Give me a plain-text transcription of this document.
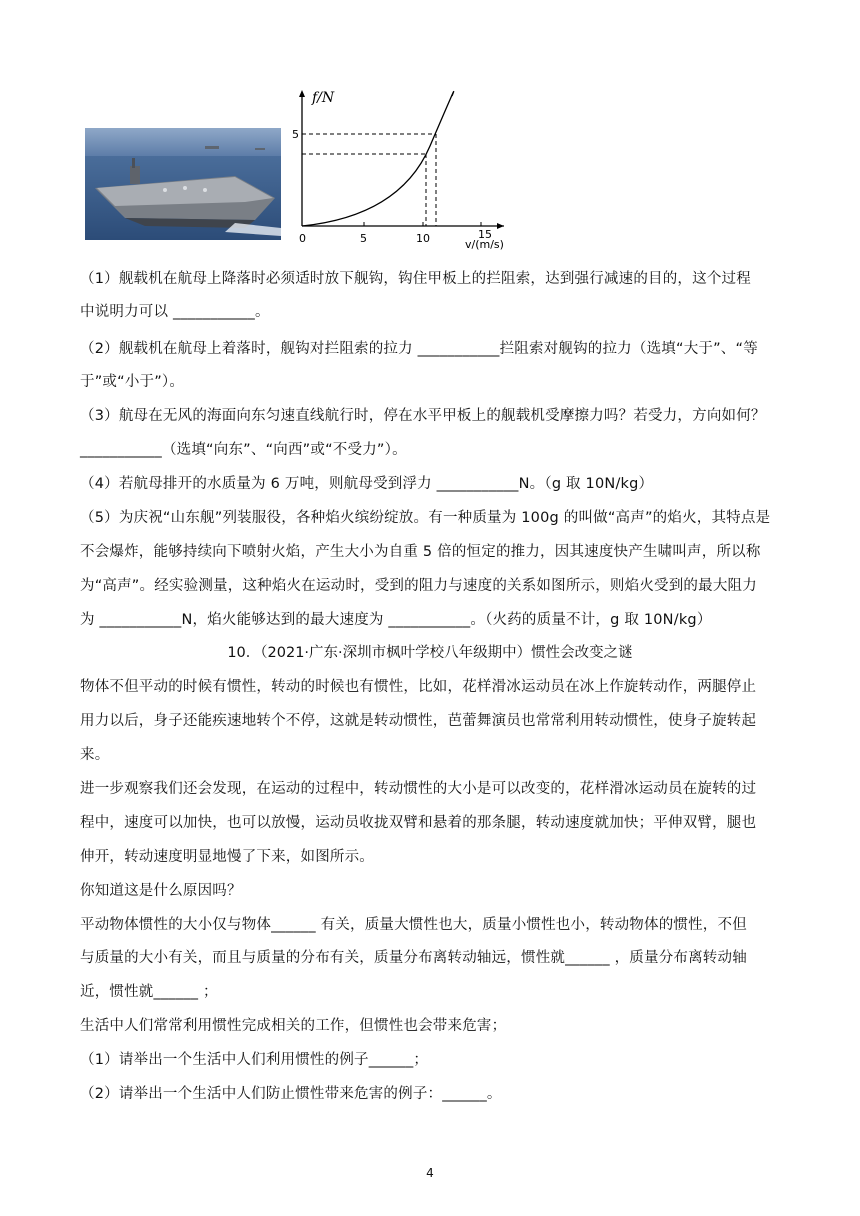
f/N
5
0	5	10	15
v/(m/s)
（1）舰载机在航母上降落时必须适时放下舰钩，钩住甲板上的拦阻索，达到强行减速的目的，这个过程
中说明力可以 ___________。
（2）舰载机在航母上着落时，舰钩对拦阻索的拉力 ___________拦阻索对舰钩的拉力（选填“大于”、“等
于”或“小于”）。
（3）航母在无风的海面向东匀速直线航行时，停在水平甲板上的舰载机受摩擦力吗？若受力，方向如何？
___________（选填“向东”、“向西”或“不受力”）。
（4）若航母排开的水质量为 6 万吨，则航母受到浮力 ___________N。（g 取 10N/kg）
（5）为庆祝“山东舰”列装服役，各种焰火缤纷绽放。有一种质量为 100g 的叫做“高声”的焰火，其特点是
不会爆炸，能够持续向下喷射火焰，产生大小为自重 5 倍的恒定的推力，因其速度快产生啸叫声，所以称
为“高声”。经实验测量，这种焰火在运动时，受到的阻力与速度的关系如图所示，则焰火受到的最大阻力
为 ___________N，焰火能够达到的最大速度为 ___________。（火药的质量不计，g 取 10N/kg）
10．（2021·广东·深圳市枫叶学校八年级期中）惯性会改变之谜
物体不但平动的时候有惯性，转动的时候也有惯性，比如，花样滑冰运动员在冰上作旋转动作，两腿停止
用力以后，身子还能疾速地转个不停，这就是转动惯性，芭蕾舞演员也常常利用转动惯性，使身子旋转起
来。
进一步观察我们还会发现，在运动的过程中，转动惯性的大小是可以改变的，花样滑冰运动员在旋转的过
程中，速度可以加快，也可以放慢，运动员收拢双臂和悬着的那条腿，转动速度就加快；平伸双臂，腿也
伸开，转动速度明显地慢了下来，如图所示。
你知道这是什么原因吗？
平动物体惯性的大小仅与物体______ 有关，质量大惯性也大，质量小惯性也小，转动物体的惯性，不但
与质量的大小有关，而且与质量的分布有关，质量分布离转动轴远，惯性就______ ，质量分布离转动轴
近，惯性就______ ；
生活中人们常常利用惯性完成相关的工作，但惯性也会带来危害；
（1）请举出一个生活中人们利用惯性的例子______；
（2）请举出一个生活中人们防止惯性带来危害的例子：______。
4
